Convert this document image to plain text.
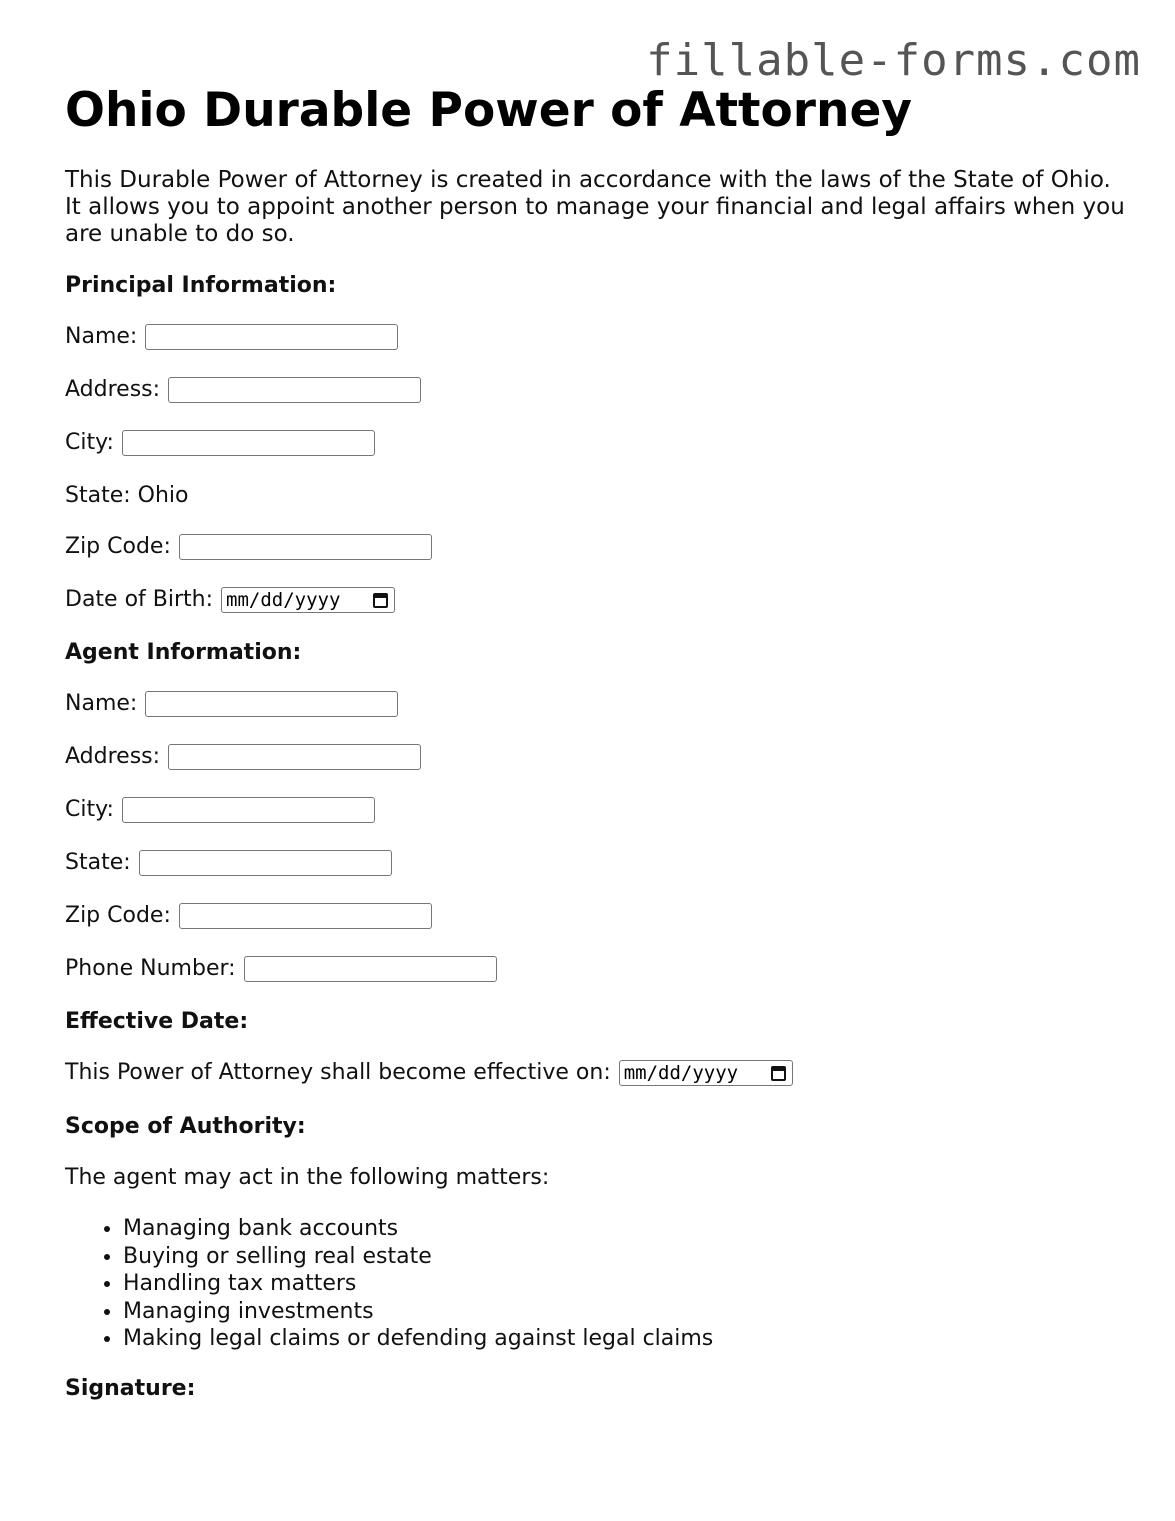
fillable-forms.com
Ohio Durable Power of Attorney

This Durable Power of Attorney is created in accordance with the laws of the State of Ohio. It allows you to appoint another person to manage your financial and legal affairs when you are unable to do so.

Principal Information:

Name:
Address:
City:
State: Ohio
Zip Code:
Date of Birth: mm/dd/yyyy

Agent Information:

Name:
Address:
City:
State:
Zip Code:
Phone Number:

Effective Date:

This Power of Attorney shall become effective on: mm/dd/yyyy

Scope of Authority:

The agent may act in the following matters:

• Managing bank accounts
• Buying or selling real estate
• Handling tax matters
• Managing investments
• Making legal claims or defending against legal claims

Signature:
